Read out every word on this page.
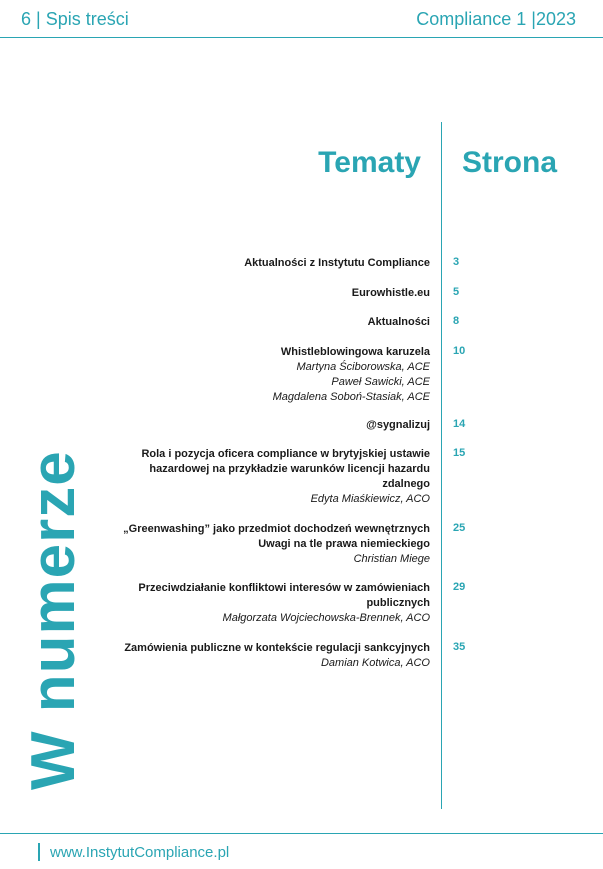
6 | Spis treści	Compliance 1 |2023
W numerze
Tematy Strona
Aktualności z Instytutu Compliance 3
Eurowhistle.eu 5
Aktualności 8
Whistleblowingowa karuzela
Martyna Ściborowska, ACE
Paweł Sawicki, ACE
Magdalena Soboń-Stasiak, ACE
10
@sygnalizuj 14
Rola i pozycja oficera compliance w brytyjskiej ustawie
hazardowej na przykładzie warunków licencji hazardu
zdalnego
Edyta Miaśkiewicz, ACO
15
„Greenwashing” jako przedmiot dochodzeń wewnętrznych
Uwagi na tle prawa niemieckiego
Christian Miege
25
Przeciwdziałanie konfliktowi interesów w zamówieniach
publicznych
Małgorzata Wojciechowska-Brennek, ACO
29
Zamówienia publiczne w kontekście regulacji sankcyjnych
Damian Kotwica, ACO
35
www.InstytutCompliance.pl
